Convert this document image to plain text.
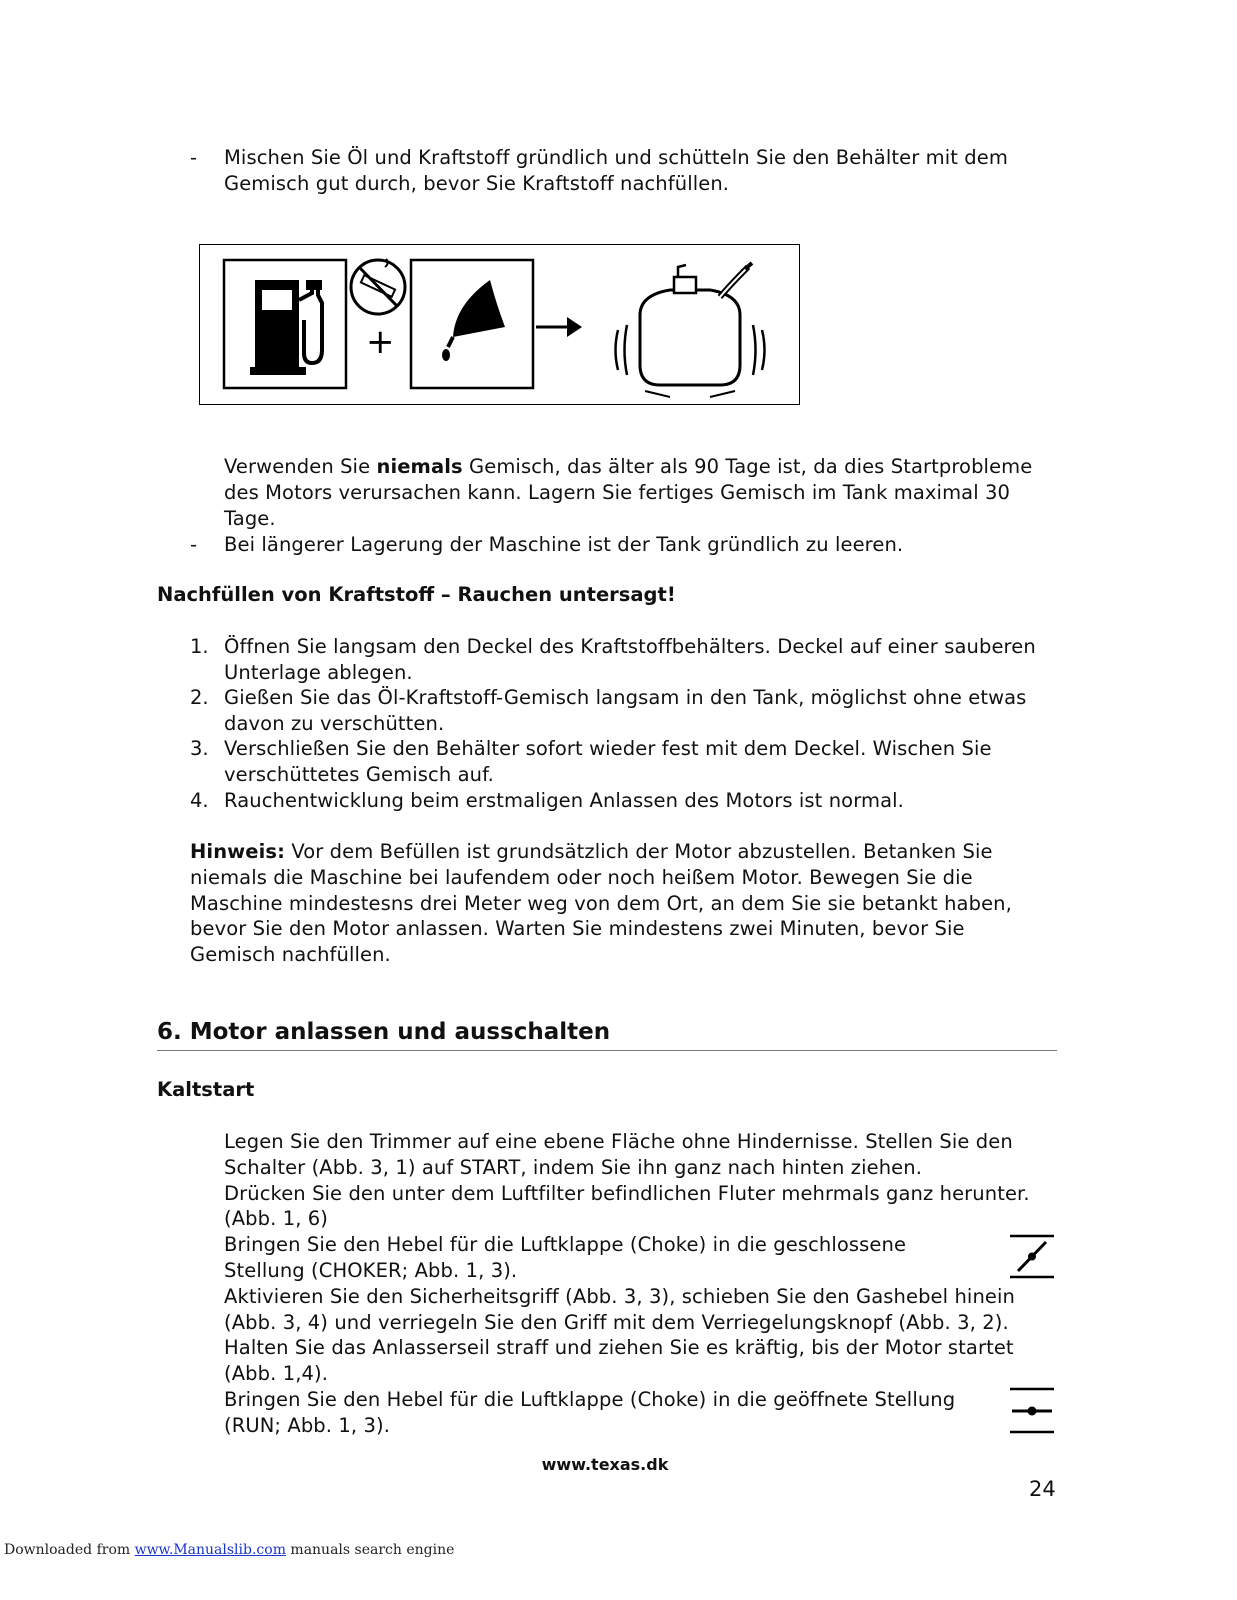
- Mischen Sie Öl und Kraftstoff gründlich und schütteln Sie den Behälter mit dem
Gemisch gut durch, bevor Sie Kraftstoff nachfüllen.
+
Verwenden Sie niemals Gemisch, das älter als 90 Tage ist, da dies Startprobleme
des Motors verursachen kann. Lagern Sie fertiges Gemisch im Tank maximal 30
Tage.
- Bei längerer Lagerung der Maschine ist der Tank gründlich zu leeren.
Nachfüllen von Kraftstoff – Rauchen untersagt!
1. Öffnen Sie langsam den Deckel des Kraftstoffbehälters. Deckel auf einer sauberen
Unterlage ablegen.
2. Gießen Sie das Öl-Kraftstoff-Gemisch langsam in den Tank, möglichst ohne etwas
davon zu verschütten.
3. Verschließen Sie den Behälter sofort wieder fest mit dem Deckel. Wischen Sie
verschüttetes Gemisch auf.
4. Rauchentwicklung beim erstmaligen Anlassen des Motors ist normal.
Hinweis: Vor dem Befüllen ist grundsätzlich der Motor abzustellen. Betanken Sie
niemals die Maschine bei laufendem oder noch heißem Motor. Bewegen Sie die
Maschine mindestesns drei Meter weg von dem Ort, an dem Sie sie betankt haben,
bevor Sie den Motor anlassen. Warten Sie mindestens zwei Minuten, bevor Sie
Gemisch nachfüllen.
6. Motor anlassen und ausschalten
Kaltstart
Legen Sie den Trimmer auf eine ebene Fläche ohne Hindernisse. Stellen Sie den
Schalter (Abb. 3, 1) auf START, indem Sie ihn ganz nach hinten ziehen.
Drücken Sie den unter dem Luftfilter befindlichen Fluter mehrmals ganz herunter.
(Abb. 1, 6)
Bringen Sie den Hebel für die Luftklappe (Choke) in die geschlossene
Stellung (CHOKER; Abb. 1, 3).
Aktivieren Sie den Sicherheitsgriff (Abb. 3, 3), schieben Sie den Gashebel hinein
(Abb. 3, 4) und verriegeln Sie den Griff mit dem Verriegelungsknopf (Abb. 3, 2).
Halten Sie das Anlasserseil straff und ziehen Sie es kräftig, bis der Motor startet
(Abb. 1,4).
Bringen Sie den Hebel für die Luftklappe (Choke) in die geöffnete Stellung
(RUN; Abb. 1, 3).
www.texas.dk
24
Downloaded from www.Manualslib.com manuals search engine
